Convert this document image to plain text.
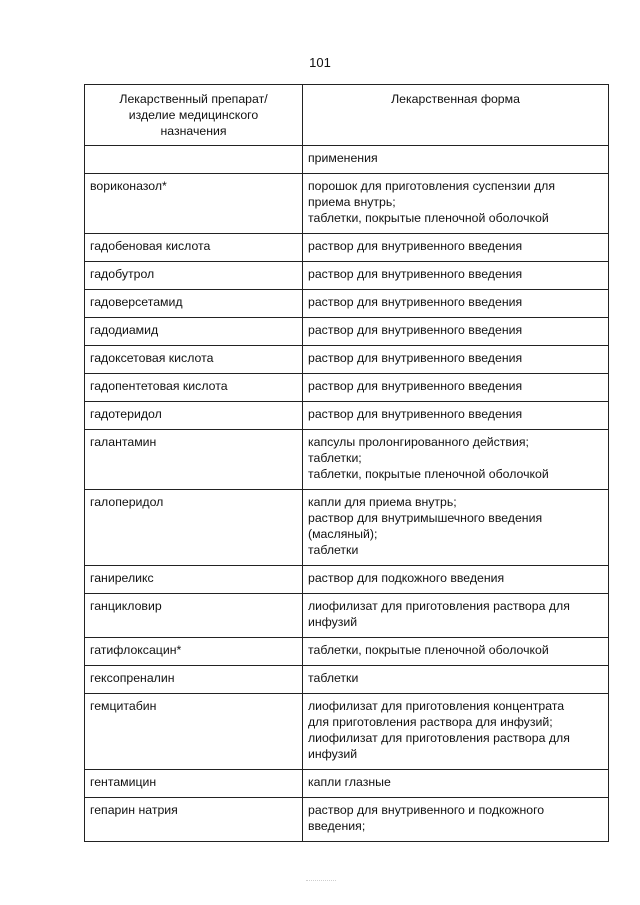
101
Лекарственный препарат/
изделие медицинского
назначения	Лекарственная форма

	применения

вориконазол*	порошок для приготовления суспензии для
приема внутрь;
таблетки, покрытые пленочной оболочкой

гадобеновая кислота	раствор для внутривенного введения

гадобутрол	раствор для внутривенного введения

гадоверсетамид	раствор для внутривенного введения

гадодиамид	раствор для внутривенного введения

гадоксетовая кислота	раствор для внутривенного введения

гадопентетовая кислота	раствор для внутривенного введения

гадотеридол	раствор для внутривенного введения

галантамин	капсулы пролонгированного действия;
таблетки;
таблетки, покрытые пленочной оболочкой

галоперидол	капли для приема внутрь;
раствор для внутримышечного введения
(масляный);
таблетки

ганиреликс	раствор для подкожного введения

ганцикловир	лиофилизат для приготовления раствора для
инфузий

гатифлоксацин*	таблетки, покрытые пленочной оболочкой

гексопреналин	таблетки

гемцитабин	лиофилизат для приготовления концентрата
для приготовления раствора для инфузий;
лиофилизат для приготовления раствора для
инфузий

гентамицин	капли глазные

гепарин натрия	раствор для внутривенного и подкожного
введения;
